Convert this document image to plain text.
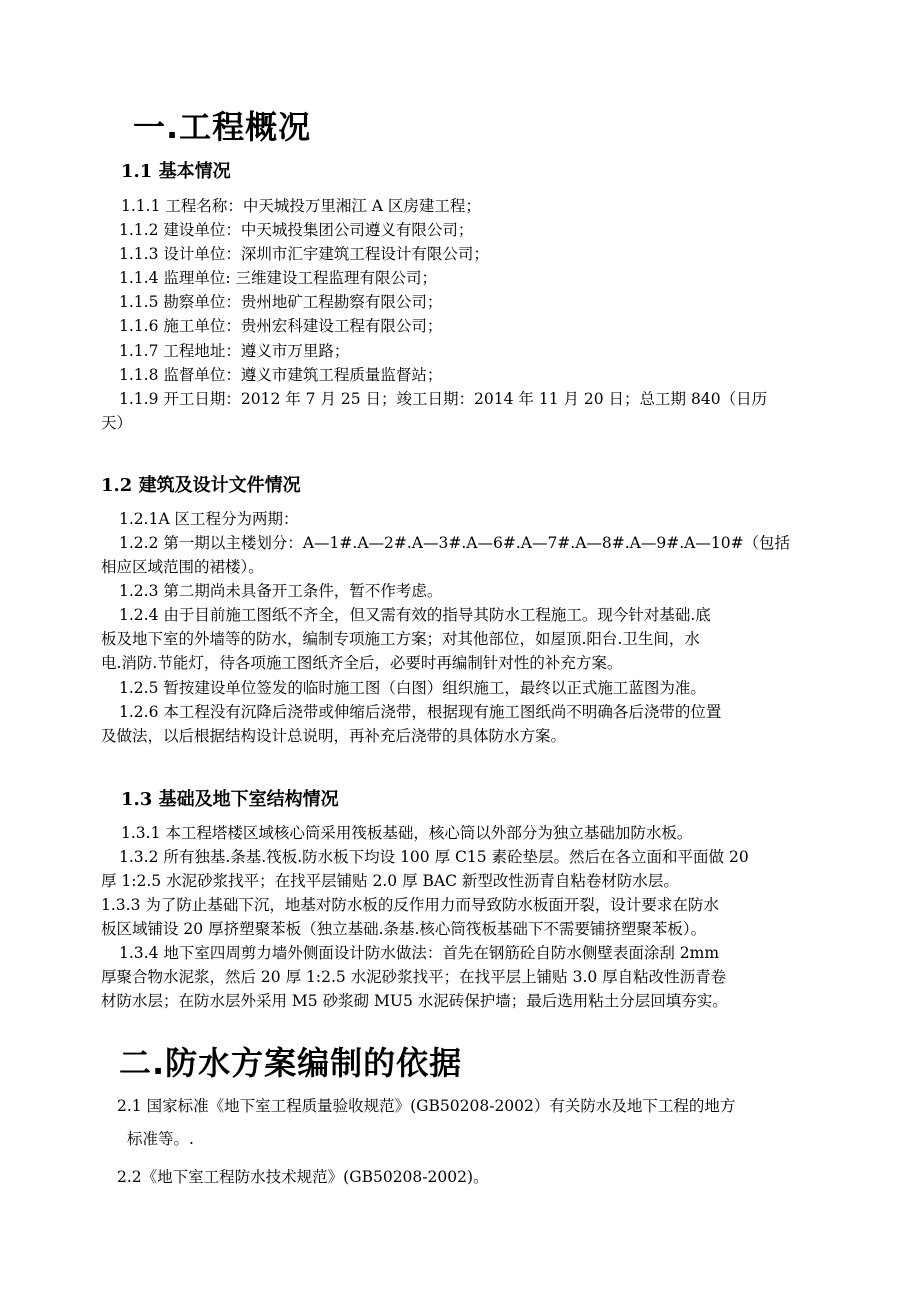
一.工程概况
1.1 基本情况
1.1.1 工程名称：中天城投万里湘江 A 区房建工程；
1.1.2 建设单位：中天城投集团公司遵义有限公司；
1.1.3 设计单位：深圳市汇宇建筑工程设计有限公司；
1.1.4 监理单位: 三维建设工程监理有限公司；
1.1.5 勘察单位：贵州地矿工程勘察有限公司；
1.1.6 施工单位：贵州宏科建设工程有限公司；
1.1.7 工程地址：遵义市万里路；
1.1.8 监督单位：遵义市建筑工程质量监督站；
1.1.9 开工日期：2012 年 7 月 25 日；竣工日期：2014 年 11 月 20 日；总工期 840（日历
天）
1.2 建筑及设计文件情况
1.2.1A 区工程分为两期：
1.2.2 第一期以主楼划分：A—1#.A—2#.A—3#.A—6#.A—7#.A—8#.A—9#.A—10#（包括
相应区域范围的裙楼）。
1.2.3 第二期尚未具备开工条件，暂不作考虑。
1.2.4 由于目前施工图纸不齐全，但又需有效的指导其防水工程施工。现今针对基础.底
板及地下室的外墙等的防水，编制专项施工方案；对其他部位，如屋顶.阳台.卫生间，水
电.消防.节能灯，待各项施工图纸齐全后，必要时再编制针对性的补充方案。
1.2.5 暂按建设单位签发的临时施工图（白图）组织施工，最终以正式施工蓝图为准。
1.2.6 本工程没有沉降后浇带或伸缩后浇带，根据现有施工图纸尚不明确各后浇带的位置
及做法，以后根据结构设计总说明，再补充后浇带的具体防水方案。
1.3 基础及地下室结构情况
1.3.1 本工程塔楼区域核心筒采用筏板基础，核心筒以外部分为独立基础加防水板。
1.3.2 所有独基.条基.筏板.防水板下均设 100 厚 C15 素砼垫层。然后在各立面和平面做 20
厚 1:2.5 水泥砂浆找平；在找平层铺贴 2.0 厚 BAC 新型改性沥青自粘卷材防水层。
1.3.3 为了防止基础下沉，地基对防水板的反作用力而导致防水板面开裂，设计要求在防水
板区域铺设 20 厚挤塑聚苯板（独立基础.条基.核心筒筏板基础下不需要铺挤塑聚苯板）。
1.3.4 地下室四周剪力墙外侧面设计防水做法：首先在钢筋砼自防水侧壁表面涂刮 2mm
厚聚合物水泥浆，然后 20 厚 1:2.5 水泥砂浆找平；在找平层上铺贴 3.0 厚自粘改性沥青卷
材防水层；在防水层外采用 M5 砂浆砌 MU5 水泥砖保护墙；最后选用粘土分层回填夯实。
二.防水方案编制的依据
2.1 国家标准《地下室工程质量验收规范》(GB50208-2002）有关防水及地下工程的地方
标准等。.
2.2《地下室工程防水技术规范》(GB50208-2002)。
